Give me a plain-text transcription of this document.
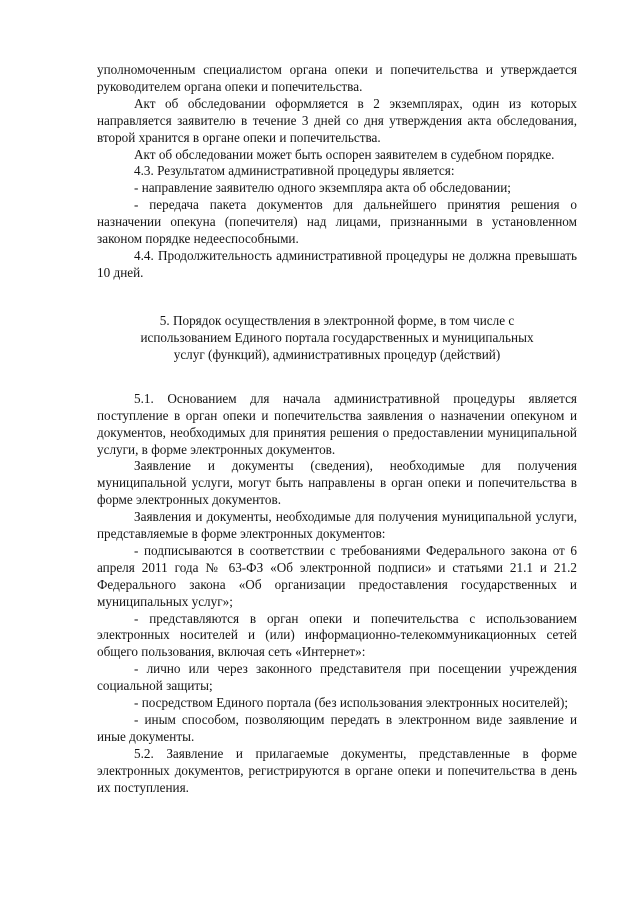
уполномоченным специалистом органа опеки и попечительства и утверждается руководителем органа опеки и попечительства.

Акт об обследовании оформляется в 2 экземплярах, один из которых направляется заявителю в течение 3 дней со дня утверждения акта обследования, второй хранится в органе опеки и попечительства.

Акт об обследовании может быть оспорен заявителем в судебном порядке.

4.3. Результатом административной процедуры является:

- направление заявителю одного экземпляра акта об обследовании;

- передача пакета документов для дальнейшего принятия решения о назначении опекуна (попечителя) над лицами, признанными в установленном законом порядке недееспособными.

4.4. Продолжительность административной процедуры не должна превышать 10 дней.

5. Порядок осуществления в электронной форме, в том числе с использованием Единого портала государственных и муниципальных услуг (функций), административных процедур (действий)

5.1. Основанием для начала административной процедуры является поступление в орган опеки и попечительства заявления о назначении опекуном и документов, необходимых для принятия решения о предоставлении муниципальной услуги, в форме электронных документов.

Заявление и документы (сведения), необходимые для получения муниципальной услуги, могут быть направлены в орган опеки и попечительства в форме электронных документов.

Заявления и документы, необходимые для получения муниципальной услуги, представляемые в форме электронных документов:

- подписываются в соответствии с требованиями Федерального закона от 6 апреля 2011 года № 63-ФЗ «Об электронной подписи» и статьями 21.1 и 21.2 Федерального закона «Об организации предоставления государственных и муниципальных услуг»;

- представляются в орган опеки и попечительства с использованием электронных носителей и (или) информационно-телекоммуникационных сетей общего пользования, включая сеть «Интернет»:

- лично или через законного представителя при посещении учреждения социальной защиты;

- посредством Единого портала (без использования электронных носителей);

- иным способом, позволяющим передать в электронном виде заявление и иные документы.

5.2. Заявление и прилагаемые документы, представленные в форме электронных документов, регистрируются в органе опеки и попечительства в день их поступления.
